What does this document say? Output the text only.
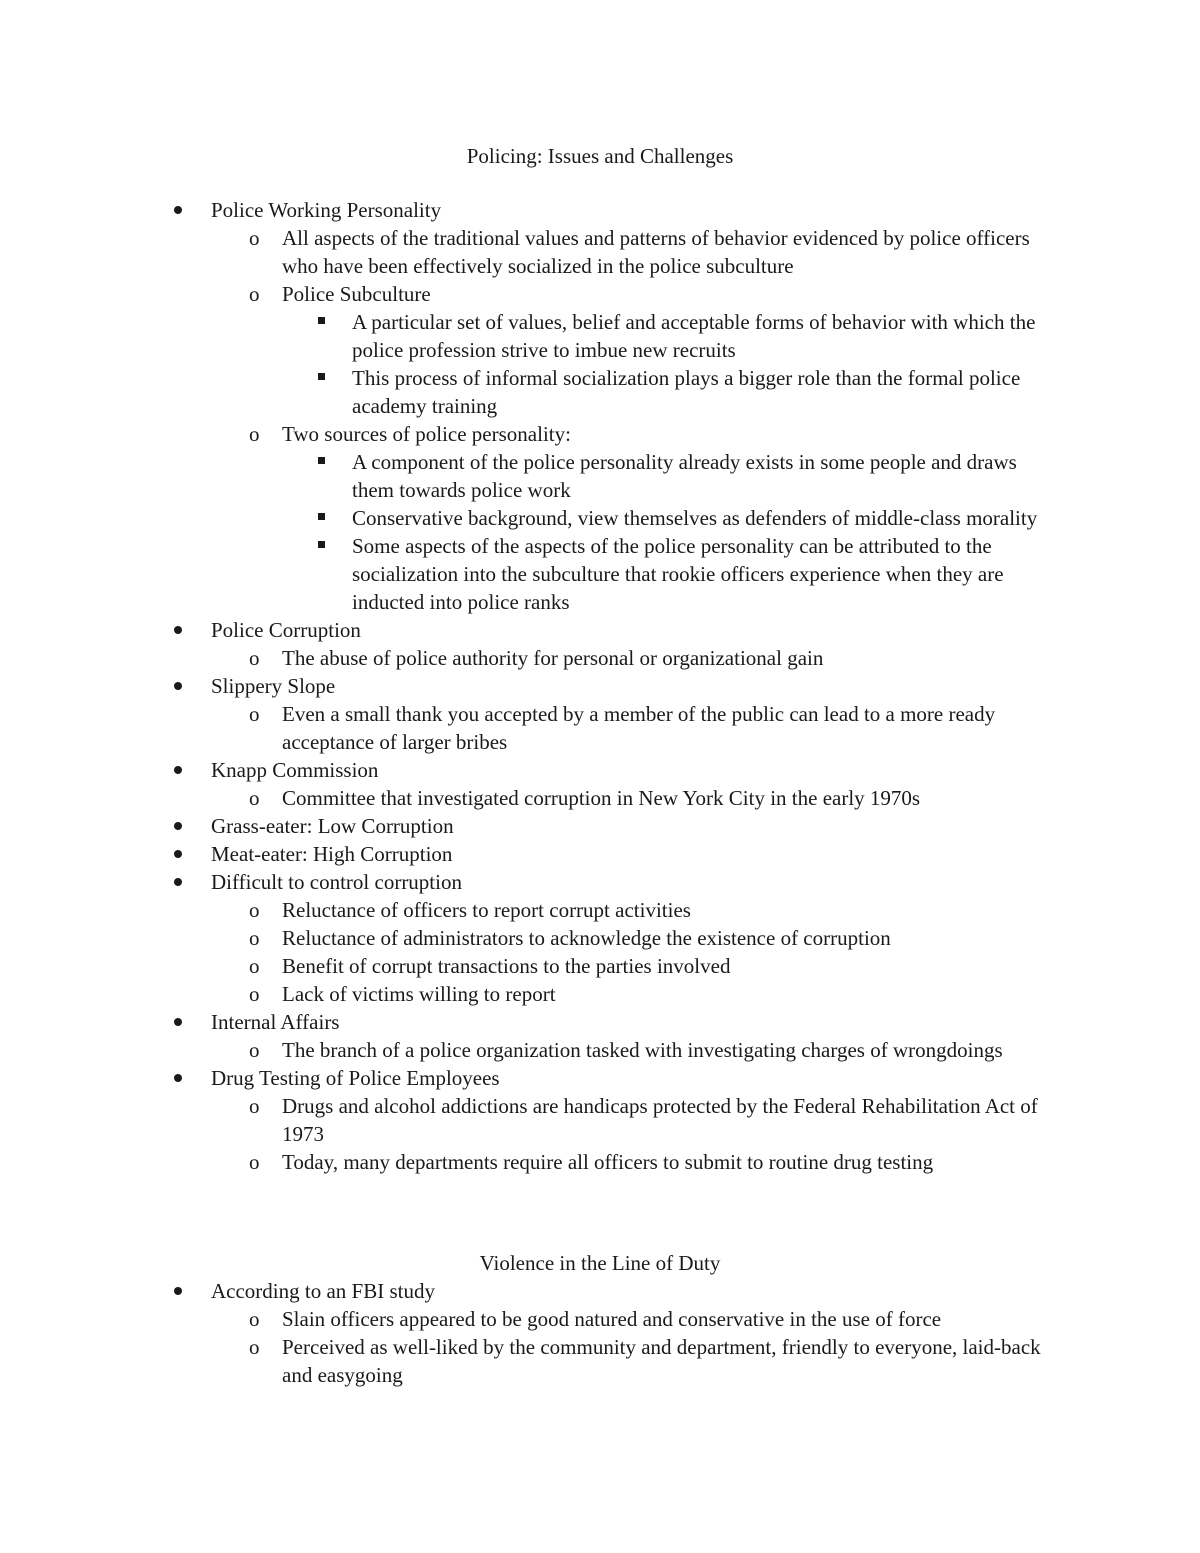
Policing: Issues and Challenges
Police Working Personality
o All aspects of the traditional values and patterns of behavior evidenced by police officers who have been effectively socialized in the police subculture
o Police Subculture
A particular set of values, belief and acceptable forms of behavior with which the police profession strive to imbue new recruits
This process of informal socialization plays a bigger role than the formal police academy training
o Two sources of police personality:
A component of the police personality already exists in some people and draws them towards police work
Conservative background, view themselves as defenders of middle-class morality
Some aspects of the aspects of the police personality can be attributed to the socialization into the subculture that rookie officers experience when they are inducted into police ranks
Police Corruption
o The abuse of police authority for personal or organizational gain
Slippery Slope
o Even a small thank you accepted by a member of the public can lead to a more ready acceptance of larger bribes
Knapp Commission
o Committee that investigated corruption in New York City in the early 1970s
Grass-eater: Low Corruption
Meat-eater: High Corruption
Difficult to control corruption
o Reluctance of officers to report corrupt activities
o Reluctance of administrators to acknowledge the existence of corruption
o Benefit of corrupt transactions to the parties involved
o Lack of victims willing to report
Internal Affairs
o The branch of a police organization tasked with investigating charges of wrongdoings
Drug Testing of Police Employees
o Drugs and alcohol addictions are handicaps protected by the Federal Rehabilitation Act of 1973
o Today, many departments require all officers to submit to routine drug testing
Violence in the Line of Duty
According to an FBI study
o Slain officers appeared to be good natured and conservative in the use of force
o Perceived as well-liked by the community and department, friendly to everyone, laid-back and easygoing
